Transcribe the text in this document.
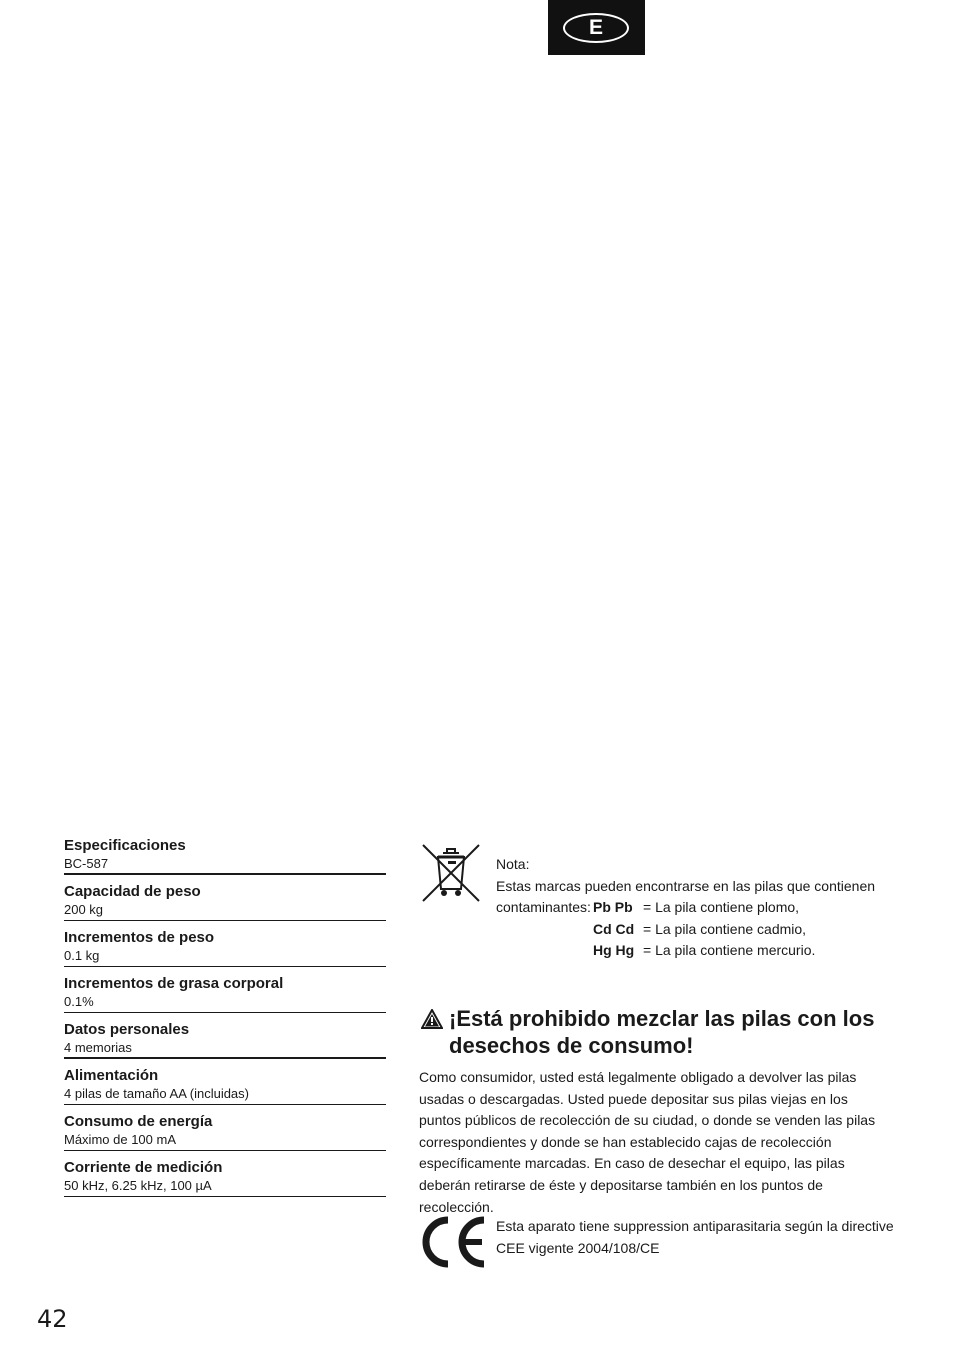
E
Especificaciones
BC-587
Capacidad de peso
200 kg
Incrementos de peso
0.1 kg
Incrementos de grasa corporal
0.1%
Datos personales
4 memorias
Alimentación
4 pilas de tamaño AA (incluidas)
Consumo de energía
Máximo de 100 mA
Corriente de medición
50 kHz, 6.25 kHz, 100 µA
Nota:
Estas marcas pueden encontrarse en las pilas que contienen
contaminantes: Pb Pb = La pila contiene plomo,
Cd Cd = La pila contiene cadmio,
Hg Hg = La pila contiene mercurio.
¡Está prohibido mezclar las pilas con los
desechos de consumo!
Como consumidor, usted está legalmente obligado a devolver las pilas usadas o descargadas. Usted puede depositar sus pilas viejas en los puntos públicos de recolección de su ciudad, o donde se venden las pilas correspondientes y donde se han establecido cajas de recolección específicamente marcadas. En caso de desechar el equipo, las pilas deberán retirarse de éste y depositarse también en los puntos de recolección.
Esta aparato tiene suppression antiparasitaria según la directive
CEE vigente 2004/108/CE
42
